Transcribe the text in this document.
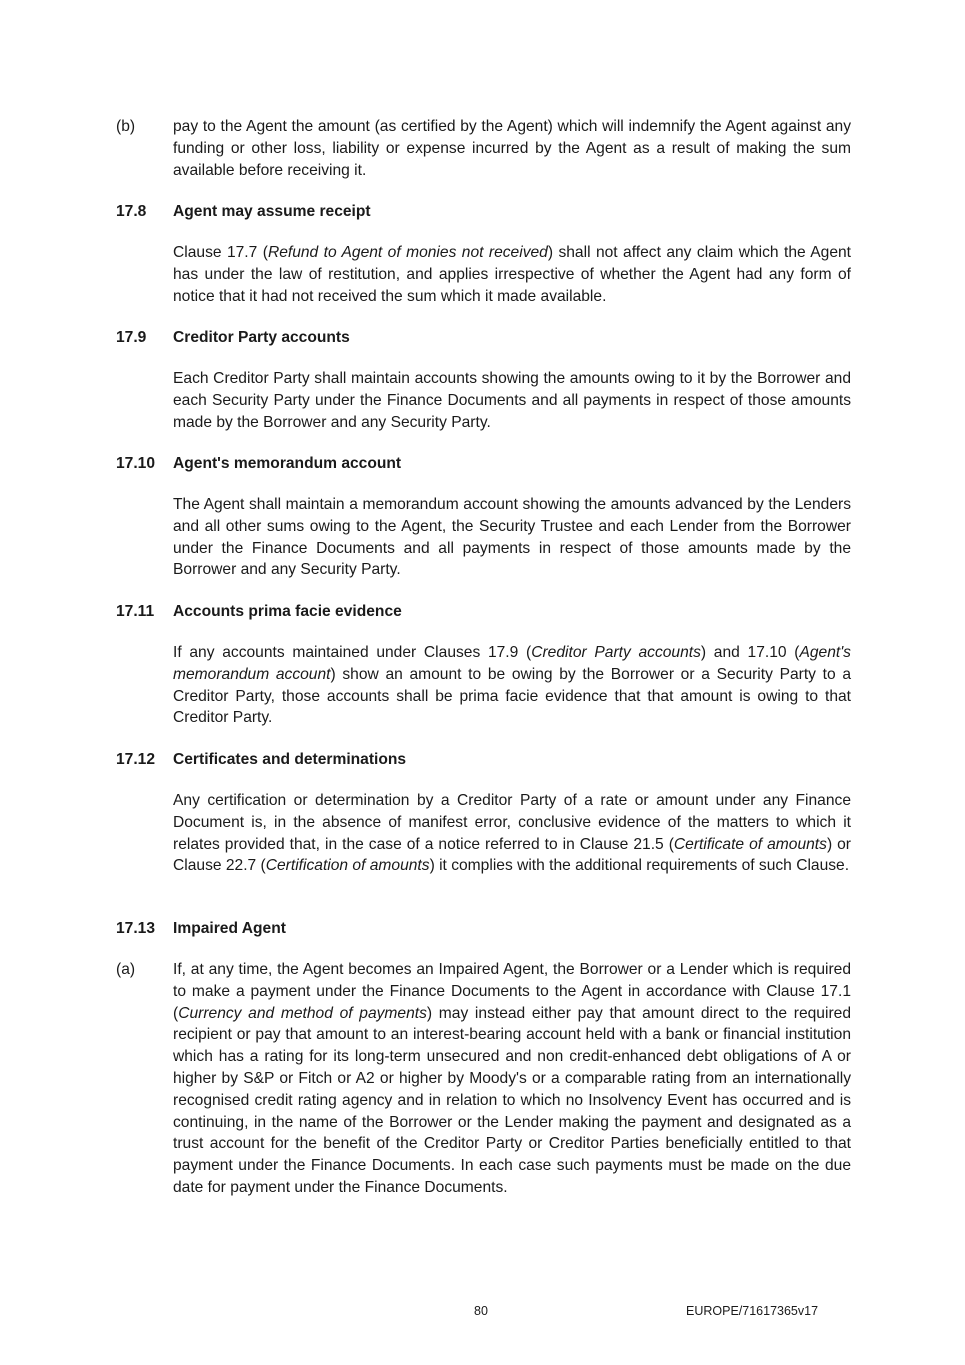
(b)	pay to the Agent the amount (as certified by the Agent) which will indemnify the Agent against any funding or other loss, liability or expense incurred by the Agent as a result of making the sum available before receiving it.
17.8	Agent may assume receipt
Clause 17.7 (Refund to Agent of monies not received) shall not affect any claim which the Agent has under the law of restitution, and applies irrespective of whether the Agent had any form of notice that it had not received the sum which it made available.
17.9	Creditor Party accounts
Each Creditor Party shall maintain accounts showing the amounts owing to it by the Borrower and each Security Party under the Finance Documents and all payments in respect of those amounts made by the Borrower and any Security Party.
17.10	Agent's memorandum account
The Agent shall maintain a memorandum account showing the amounts advanced by the Lenders and all other sums owing to the Agent, the Security Trustee and each Lender from the Borrower under the Finance Documents and all payments in respect of those amounts made by the Borrower and any Security Party.
17.11	Accounts prima facie evidence
If any accounts maintained under Clauses 17.9 (Creditor Party accounts) and 17.10 (Agent's memorandum account) show an amount to be owing by the Borrower or a Security Party to a Creditor Party, those accounts shall be prima facie evidence that that amount is owing to that Creditor Party.
17.12	Certificates and determinations
Any certification or determination by a Creditor Party of a rate or amount under any Finance Document is, in the absence of manifest error, conclusive evidence of the matters to which it relates provided that, in the case of a notice referred to in Clause 21.5 (Certificate of amounts) or Clause 22.7 (Certification of amounts) it complies with the additional requirements of such Clause.
17.13	Impaired Agent
(a)	If, at any time, the Agent becomes an Impaired Agent, the Borrower or a Lender which is required to make a payment under the Finance Documents to the Agent in accordance with Clause 17.1 (Currency and method of payments) may instead either pay that amount direct to the required recipient or pay that amount to an interest-bearing account held with a bank or financial institution which has a rating for its long-term unsecured and non credit-enhanced debt obligations of A or higher by S&P or Fitch or A2 or higher by Moody's or a comparable rating from an internationally recognised credit rating agency and in relation to which no Insolvency Event has occurred and is continuing, in the name of the Borrower or the Lender making the payment and designated as a trust account for the benefit of the Creditor Party or Creditor Parties beneficially entitled to that payment under the Finance Documents. In each case such payments must be made on the due date for payment under the Finance Documents.
80	EUROPE/71617365v17
